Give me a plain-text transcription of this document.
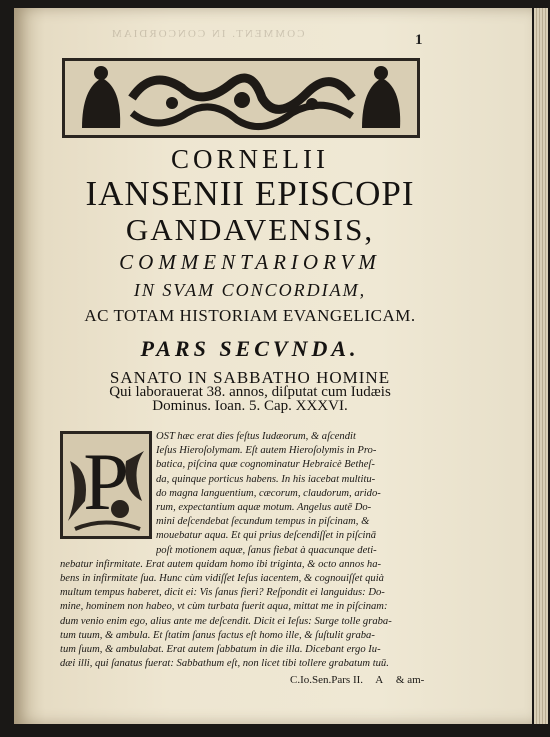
COMMENT. IN CONCORDIAM	1
CORNELII
IANSENII EPISCOPI
GANDAVENSIS,
COMMENTARIORVM
IN SVAM CONCORDIAM,
AC TOTAM HISTORIAM EVANGELICAM.
PARS SECVNDA.
SANATO IN SABBATHO HOMINE
Qui laborauerat 38. annos, diſputat cum Iudæis
Dominus. Ioan. 5. Cap. XXXVI.
P	OST hæc erat dies feſtus Iudæorum, & aſcendit
Ieſus Hieroſolymam. Eſt autem Hieroſolymis in Pro-
batica, piſcina quæ cognominatur Hebraicè Betheſ-
da, quinque porticus habens. In his iacebat multitu-
do magna languentium, cæcorum, claudorum, arido-
rum, expectantium aquæ motum. Angelus autē Do-
mini deſcendebat ſecundum tempus in piſcinam, &
mouebatur aqua. Et qui prius deſcendiſſet in piſcinā
poſt motionem aquæ, ſanus fiebat à quacunque deti-
nebatur infirmitate. Erat autem quidam homo ibi triginta, & octo annos ha-
bens in infirmitate ſua. Hunc cùm vidiſſet Ieſus iacentem, & cognouiſſet quià
multum tempus haberet, dicit ei: Vis ſanus fieri? Reſpondit ei languidus: Do-
mine, hominem non habeo, vt cùm turbata fuerit aqua, mittat me in piſcinam:
dum venio enim ego, alius ante me deſcendit. Dicit ei Ieſus: Surge tolle graba-
tum tuum, & ambula. Et ſtatim ſanus factus eſt homo ille, & ſuſtulit graba-
tum ſuum, & ambulabat. Erat autem ſabbatum in die illa. Dicebant ergo Iu-
dæi illi, qui ſanatus fuerat: Sabbathum eſt, non licet tibi tollere grabatum tuū.
C.Io.Sen.Pars II. A & am-
